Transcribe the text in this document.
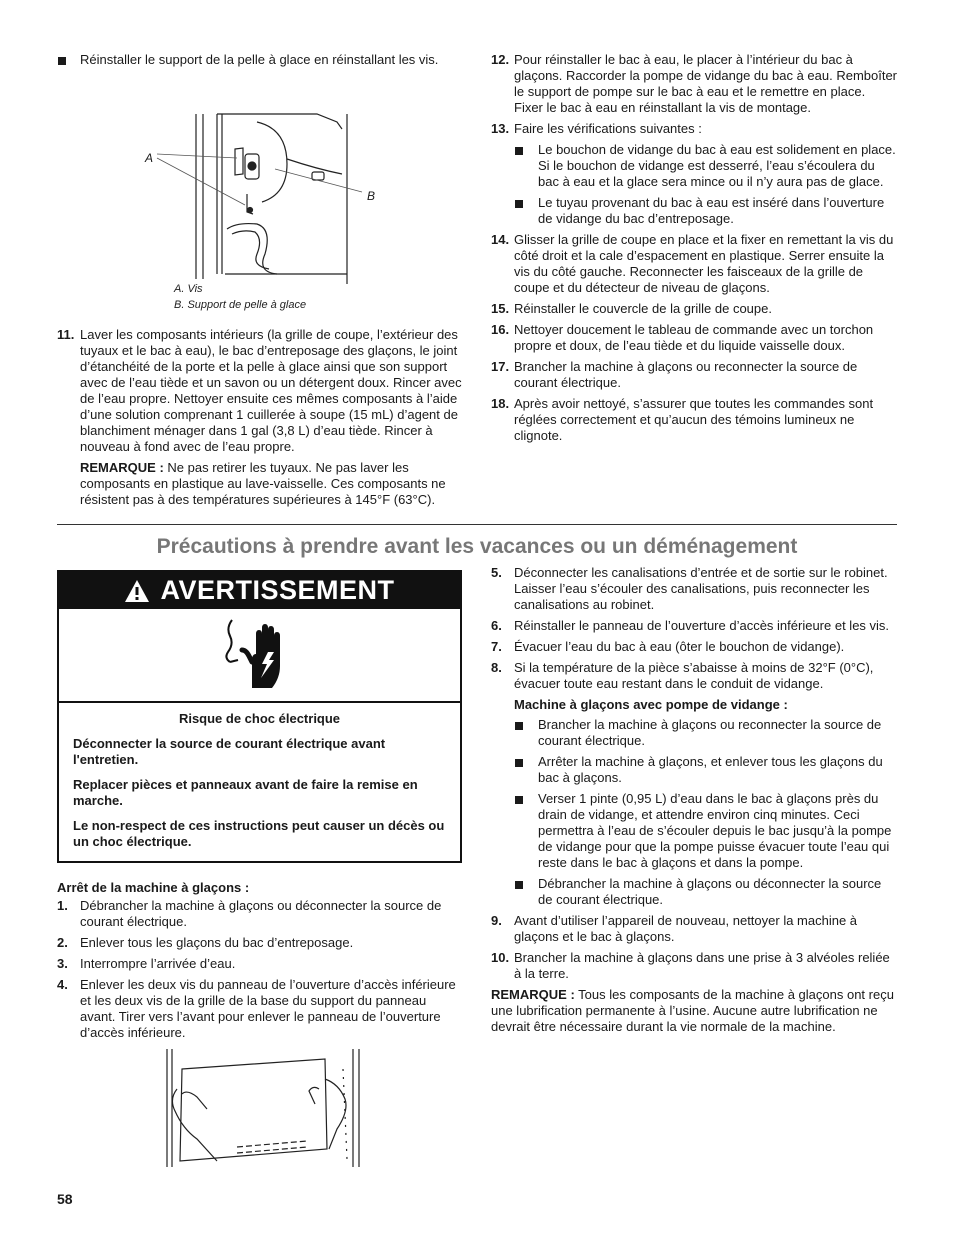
Réinstaller le support de la pelle à glace en réinstallant les vis.
A
B
A. Vis
B. Support de pelle à glace
11. Laver les composants intérieurs (la grille de coupe, l’extérieur des tuyaux et le bac à eau), le bac d’entreposage des glaçons, le joint d’étanchéité de la porte et la pelle à glace ainsi que son support avec de l’eau tiède et un savon ou un détergent doux. Rincer avec de l’eau propre. Nettoyer ensuite ces mêmes composants à l’aide d’une solution comprenant 1 cuillerée à soupe (15 mL) d’agent de blanchiment ménager dans 1 gal (3,8 L) d’eau tiède. Rincer à nouveau à fond avec de l’eau propre.
REMARQUE : Ne pas retirer les tuyaux. Ne pas laver les composants en plastique au lave-vaisselle. Ces composants ne résistent pas à des températures supérieures à 145°F (63°C).
12. Pour réinstaller le bac à eau, le placer à l’intérieur du bac à glaçons. Raccorder la pompe de vidange du bac à eau. Remboîter le support de pompe sur le bac à eau et le remettre en place. Fixer le bac à eau en réinstallant la vis de montage.
13. Faire les vérifications suivantes :
Le bouchon de vidange du bac à eau est solidement en place. Si le bouchon de vidange est desserré, l’eau s’écoulera du bac à eau et la glace sera mince ou il n’y aura pas de glace.
Le tuyau provenant du bac à eau est inséré dans l’ouverture de vidange du bac d’entreposage.
14. Glisser la grille de coupe en place et la fixer en remettant la vis du côté droit et la cale d’espacement en plastique. Serrer ensuite la vis du côté gauche. Reconnecter les faisceaux de la grille de coupe et du détecteur de niveau de glaçons.
15. Réinstaller le couvercle de la grille de coupe.
16. Nettoyer doucement le tableau de commande avec un torchon propre et doux, de l’eau tiède et du liquide vaisselle doux.
17. Brancher la machine à glaçons ou reconnecter la source de courant électrique.
18. Après avoir nettoyé, s’assurer que toutes les commandes sont réglées correctement et qu’aucun des témoins lumineux ne clignote.
Précautions à prendre avant les vacances ou un déménagement
AVERTISSEMENT

Risque de choc électrique

Déconnecter la source de courant électrique avant l'entretien.

Replacer pièces et panneaux avant de faire la remise en marche.

Le non-respect de ces instructions peut causer un décès ou un choc électrique.

Arrêt de la machine à glaçons :
1. Débrancher la machine à glaçons ou déconnecter la source de courant électrique.
2. Enlever tous les glaçons du bac d’entreposage.
3. Interrompre l’arrivée d’eau.
4. Enlever les deux vis du panneau de l’ouverture d’accès inférieure et les deux vis de la grille de la base du support du panneau avant. Tirer vers l’avant pour enlever le panneau de l’ouverture d’accès inférieure.
5. Déconnecter les canalisations d’entrée et de sortie sur le robinet. Laisser l’eau s’écouler des canalisations, puis reconnecter les canalisations au robinet.
6. Réinstaller le panneau de l’ouverture d’accès inférieure et les vis.
7. Évacuer l’eau du bac à eau (ôter le bouchon de vidange).
8. Si la température de la pièce s’abaisse à moins de 32°F (0°C), évacuer toute eau restant dans le conduit de vidange.
Machine à glaçons avec pompe de vidange :
Brancher la machine à glaçons ou reconnecter la source de courant électrique.
Arrêter la machine à glaçons, et enlever tous les glaçons du bac à glaçons.
Verser 1 pinte (0,95 L) d’eau dans le bac à glaçons près du drain de vidange, et attendre environ cinq minutes. Ceci permettra à l’eau de s’écouler depuis le bac jusqu’à la pompe de vidange pour que la pompe puisse évacuer toute l’eau qui reste dans le bac à glaçons et dans la pompe.
Débrancher la machine à glaçons ou déconnecter la source de courant électrique.
9. Avant d’utiliser l’appareil de nouveau, nettoyer la machine à glaçons et le bac à glaçons.
10. Brancher la machine à glaçons dans une prise à 3 alvéoles reliée à la terre.
REMARQUE : Tous les composants de la machine à glaçons ont reçu une lubrification permanente à l’usine. Aucune autre lubrification ne devrait être nécessaire durant la vie normale de la machine.
58
